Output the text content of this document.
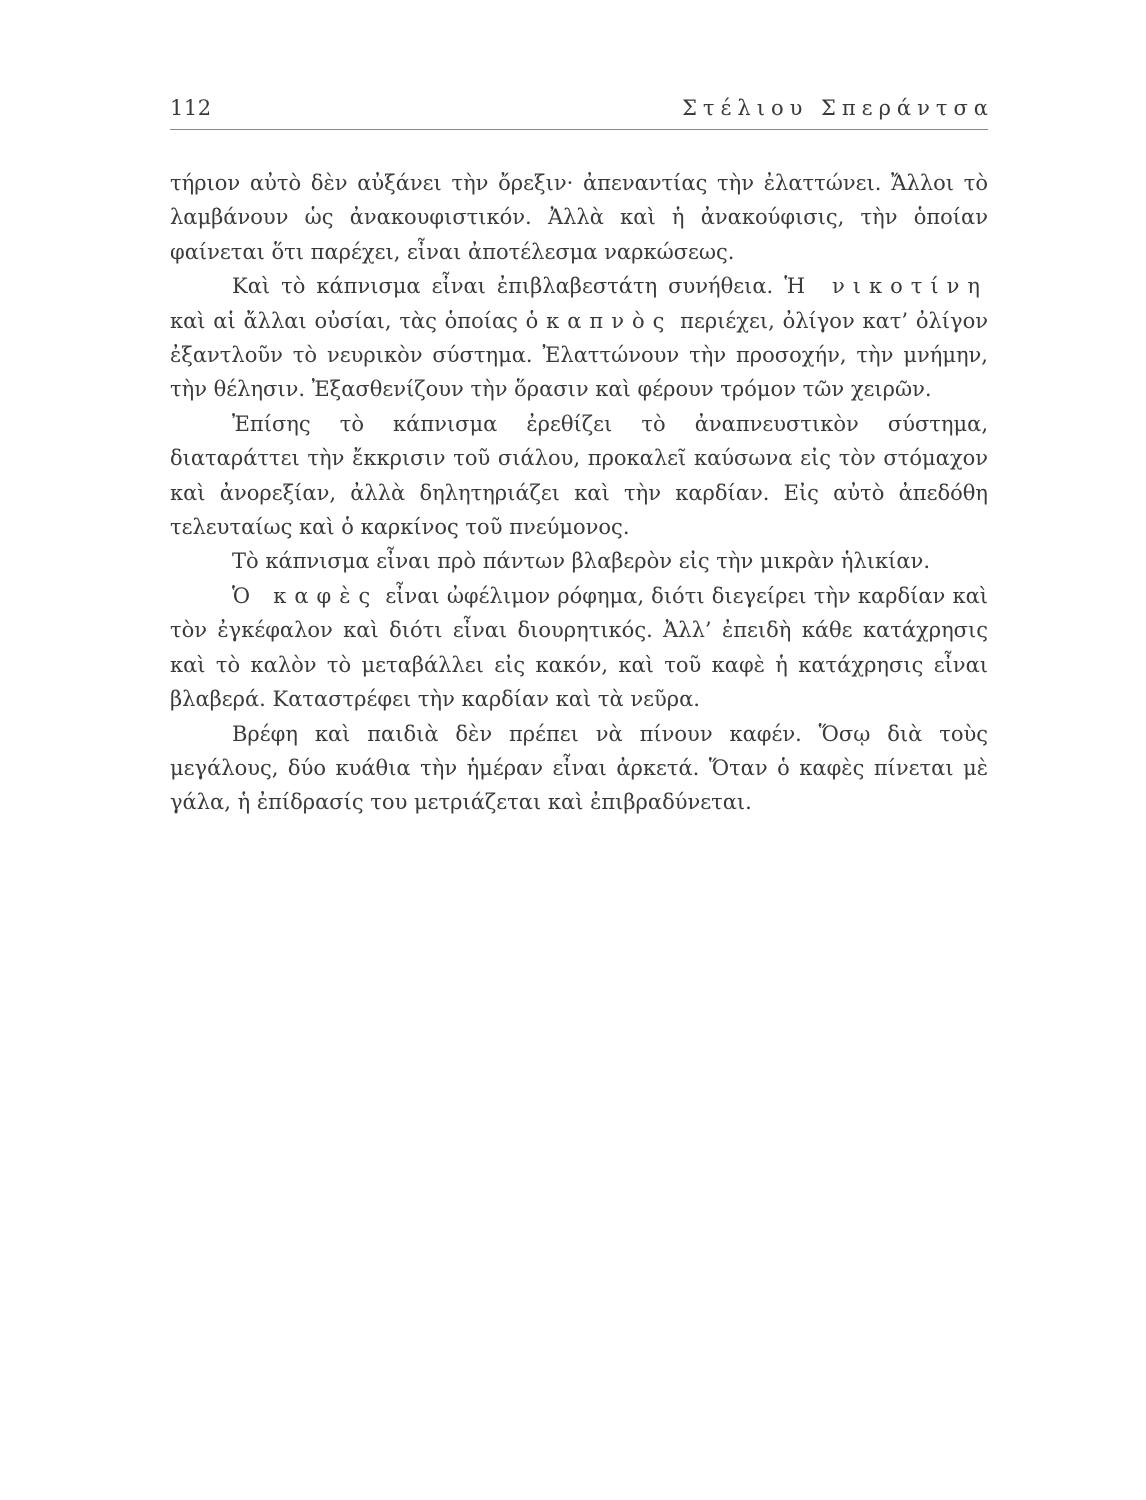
112	Στέλιου Σπεράντσα

τήριον αὐτὸ δὲν αὐξάνει τὴν ὄρεξιν· ἀπεναντίας τὴν ἐλαττώνει. Ἄλλοι τὸ λαμβάνουν ὡς ἀνακουφιστικόν. Ἀλλὰ καὶ ἡ ἀνακούφισις, τὴν ὁποίαν φαίνεται ὅτι παρέχει, εἶναι ἀποτέλεσμα ναρκώσεως.

Καὶ τὸ κάπνισμα εἶναι ἐπιβλαβεστάτη συνήθεια. Ἡ νικοτίνη καὶ αἱ ἄλλαι οὐσίαι, τὰς ὁποίας ὁ καπνὸς περιέχει, ὀλίγον κατ’ ὀλίγον ἐξαντλοῦν τὸ νευρικὸν σύστημα. Ἐλαττώνουν τὴν προσοχήν, τὴν μνήμην, τὴν θέλησιν. Ἐξασθενίζουν τὴν ὅρασιν καὶ φέρουν τρόμον τῶν χειρῶν.

Ἐπίσης τὸ κάπνισμα ἐρεθίζει τὸ ἀναπνευστικὸν σύστημα, διαταράττει τὴν ἔκκρισιν τοῦ σιάλου, προκαλεῖ καύσωνα εἰς τὸν στόμαχον καὶ ἀνορεξίαν, ἀλλὰ δηλητηριάζει καὶ τὴν καρδίαν. Εἰς αὐτὸ ἀπεδόθη τελευταίως καὶ ὁ καρκίνος τοῦ πνεύμονος.

Τὸ κάπνισμα εἶναι πρὸ πάντων βλαβερὸν εἰς τὴν μικρὰν ἡλικίαν.

Ὁ καφὲς εἶναι ὠφέλιμον ρόφημα, διότι διεγείρει τὴν καρδίαν καὶ τὸν ἐγκέφαλον καὶ διότι εἶναι διουρητικός. Ἀλλ’ ἐπειδὴ κάθε κατάχρησις καὶ τὸ καλὸν τὸ μεταβάλλει εἰς κακόν, καὶ τοῦ καφὲ ἡ κατάχρησις εἶναι βλαβερά. Καταστρέφει τὴν καρδίαν καὶ τὰ νεῦρα.

Βρέφη καὶ παιδιὰ δὲν πρέπει νὰ πίνουν καφέν. Ὅσῳ διὰ τοὺς μεγάλους, δύο κυάθια τὴν ἡμέραν εἶναι ἀρκετά. Ὅταν ὁ καφὲς πίνεται μὲ γάλα, ἡ ἐπίδρασίς του μετριάζεται καὶ ἐπιβραδύνεται.
